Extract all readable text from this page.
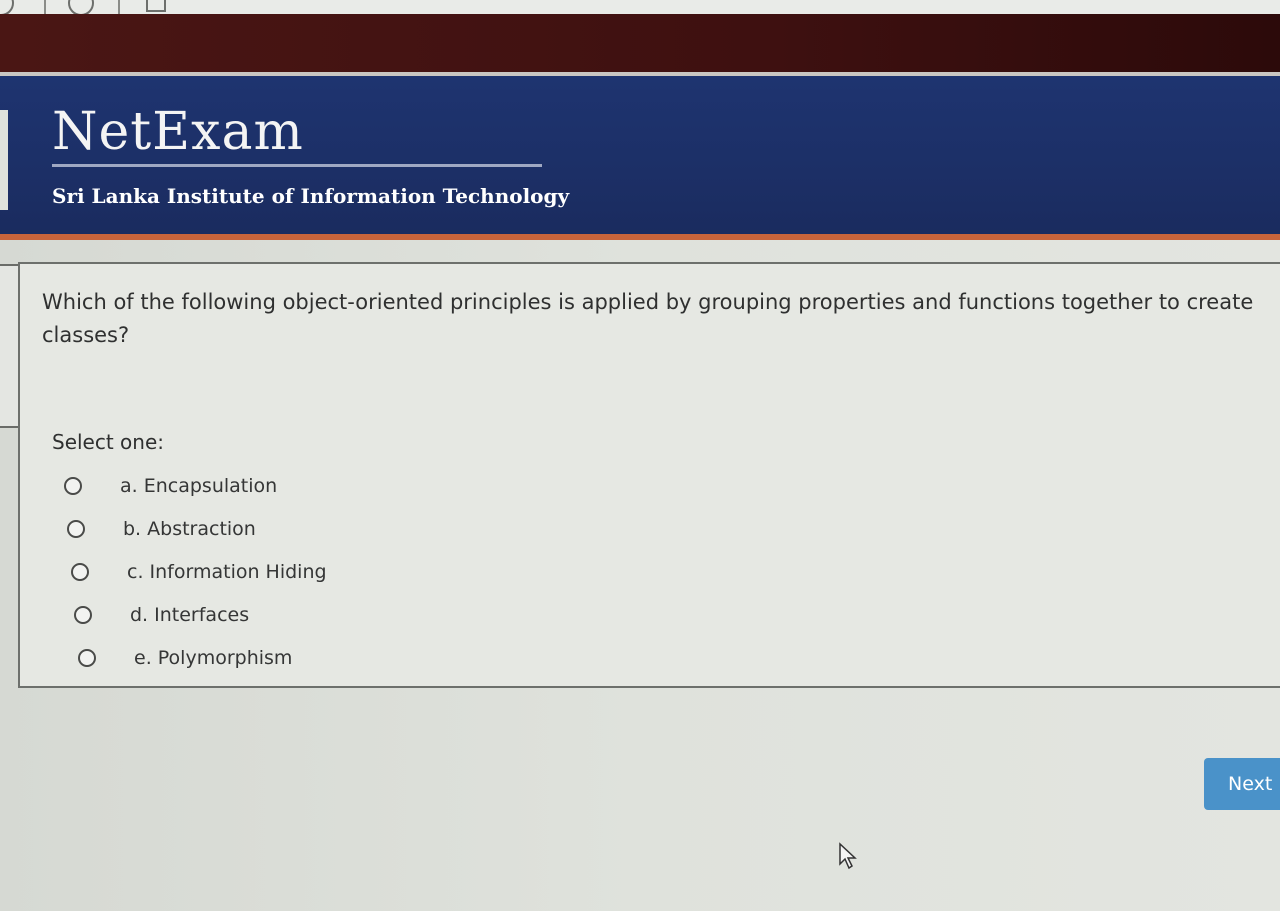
NetExam
Sri Lanka Institute of Information Technology
Which of the following object-oriented principles is applied by grouping properties and functions together to create classes?
Select one:
a. Encapsulation
b. Abstraction
c. Information Hiding
d. Interfaces
e. Polymorphism
Next
